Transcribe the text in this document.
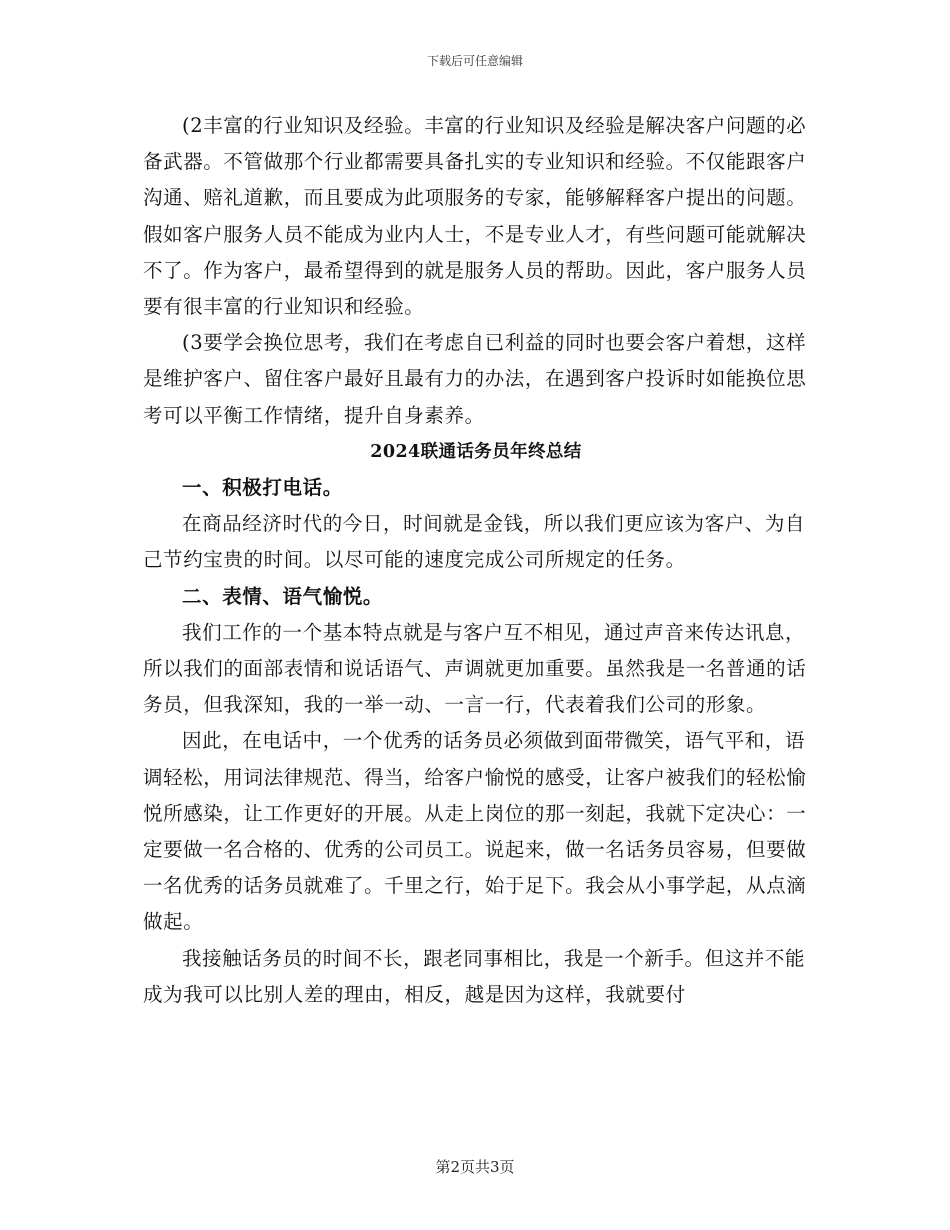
下载后可任意编辑

(2丰富的行业知识及经验。丰富的行业知识及经验是解决客户问题的必备武器。不管做那个行业都需要具备扎实的专业知识和经验。不仅能跟客户沟通、赔礼道歉，而且要成为此项服务的专家，能够解释客户提出的问题。假如客户服务人员不能成为业内人士，不是专业人才，有些问题可能就解决不了。作为客户，最希望得到的就是服务人员的帮助。因此，客户服务人员要有很丰富的行业知识和经验。

(3要学会换位思考，我们在考虑自已利益的同时也要会客户着想，这样是维护客户、留住客户最好且最有力的办法，在遇到客户投诉时如能换位思考可以平衡工作情绪，提升自身素养。

2024联通话务员年终总结

一、积极打电话。

在商品经济时代的今日，时间就是金钱，所以我们更应该为客户、为自己节约宝贵的时间。以尽可能的速度完成公司所规定的任务。

二、表情、语气愉悦。

我们工作的一个基本特点就是与客户互不相见，通过声音来传达讯息，所以我们的面部表情和说话语气、声调就更加重要。虽然我是一名普通的话务员，但我深知，我的一举一动、一言一行，代表着我们公司的形象。

因此，在电话中，一个优秀的话务员必须做到面带微笑，语气平和，语调轻松，用词法律规范、得当，给客户愉悦的感受，让客户被我们的轻松愉悦所感染，让工作更好的开展。从走上岗位的那一刻起，我就下定决心：一定要做一名合格的、优秀的公司员工。说起来，做一名话务员容易，但要做一名优秀的话务员就难了。千里之行，始于足下。我会从小事学起，从点滴做起。

我接触话务员的时间不长，跟老同事相比，我是一个新手。但这并不能成为我可以比别人差的理由，相反，越是因为这样，我就要付

第2页共3页
